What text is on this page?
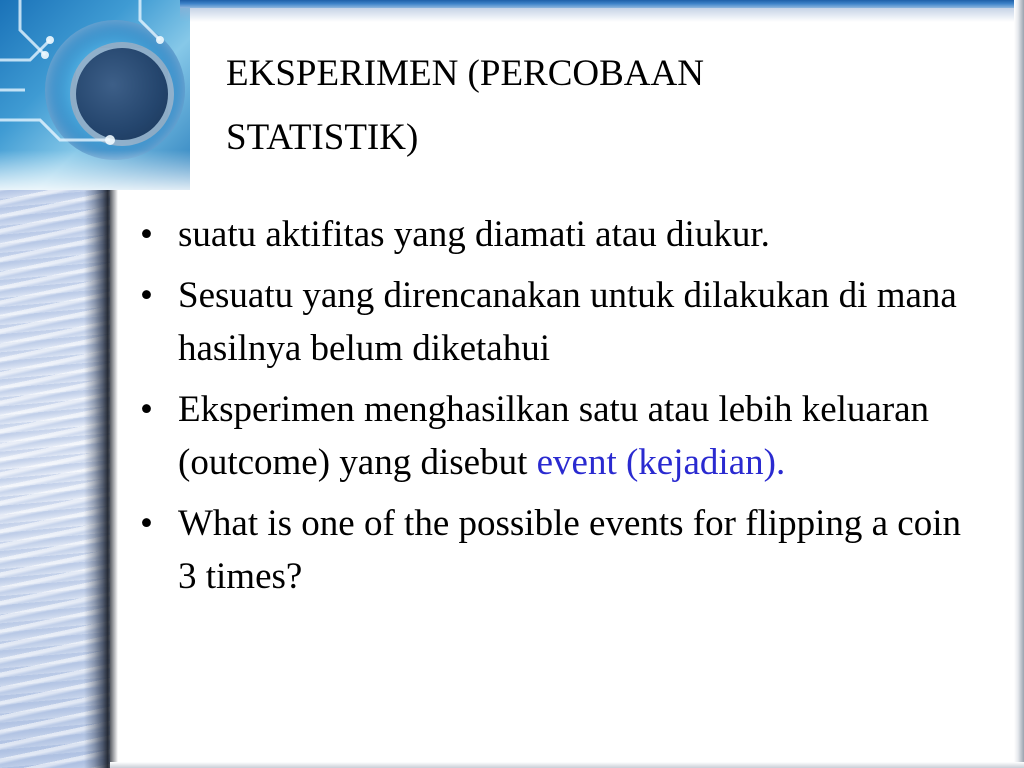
EKSPERIMEN (PERCOBAAN
STATISTIK)
• suatu aktifitas yang diamati atau diukur.
• Sesuatu yang direncanakan untuk dilakukan di mana hasilnya belum diketahui
• Eksperimen menghasilkan satu atau lebih keluaran (outcome) yang disebut event (kejadian).
• What is one of the possible events for flipping a coin 3 times?
